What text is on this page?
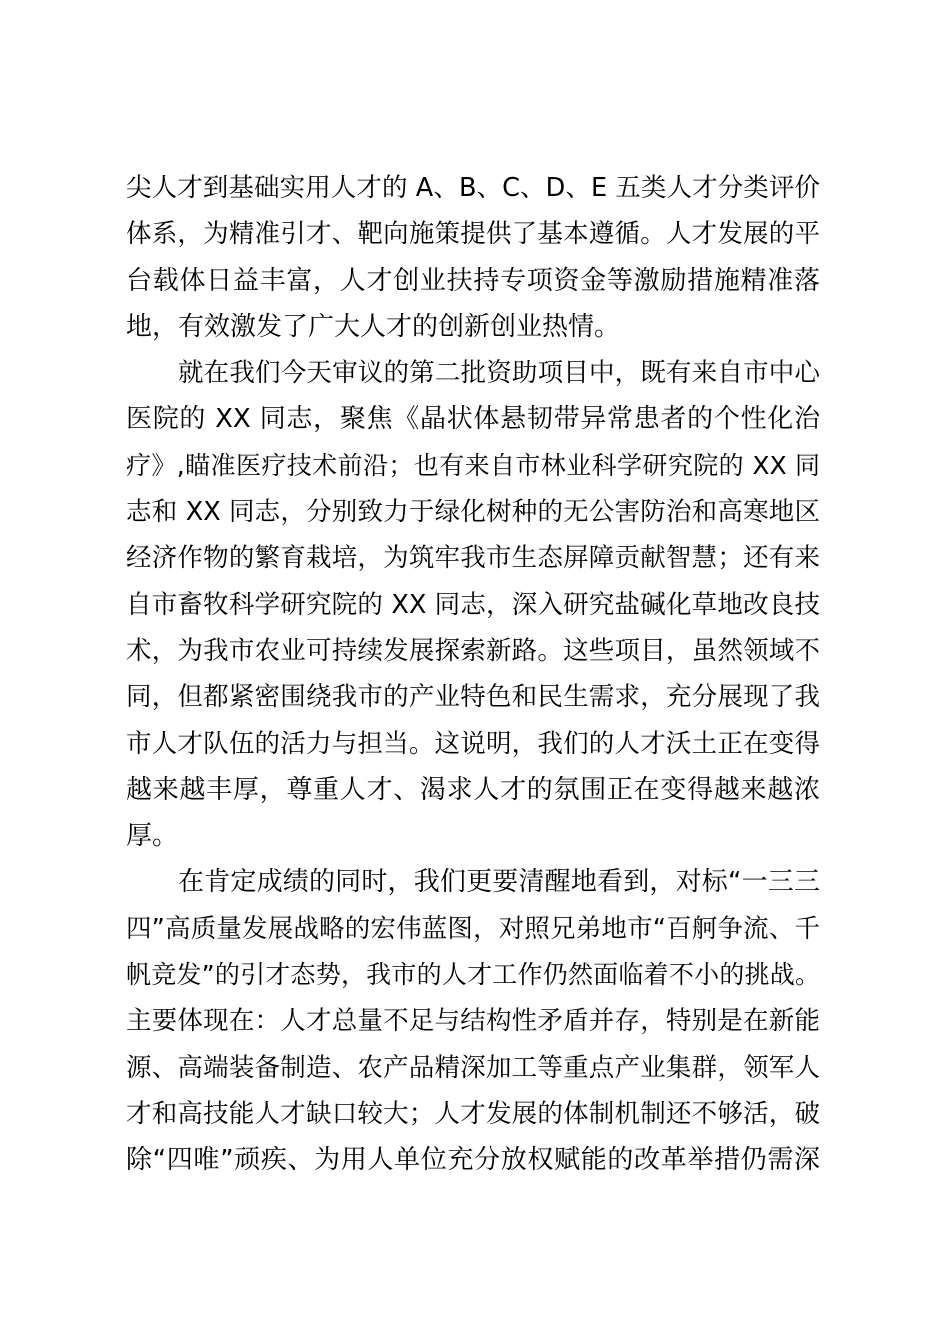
尖人才到基础实用人才的 A、B、C、D、E 五类人才分类评价
体系，为精准引才、靶向施策提供了基本遵循。人才发展的平
台载体日益丰富，人才创业扶持专项资金等激励措施精准落
地，有效激发了广大人才的创新创业热情。
就在我们今天审议的第二批资助项目中，既有来自市中心
医院的 XX 同志，聚焦《晶状体悬韧带异常患者的个性化治
疗》,瞄准医疗技术前沿；也有来自市林业科学研究院的 XX 同
志和 XX 同志，分别致力于绿化树种的无公害防治和高寒地区
经济作物的繁育栽培，为筑牢我市生态屏障贡献智慧；还有来
自市畜牧科学研究院的 XX 同志，深入研究盐碱化草地改良技
术，为我市农业可持续发展探索新路。这些项目，虽然领域不
同，但都紧密围绕我市的产业特色和民生需求，充分展现了我
市人才队伍的活力与担当。这说明，我们的人才沃土正在变得
越来越丰厚，尊重人才、渴求人才的氛围正在变得越来越浓
厚。
在肯定成绩的同时，我们更要清醒地看到，对标“一三三
四”高质量发展战略的宏伟蓝图，对照兄弟地市“百舸争流、千
帆竞发”的引才态势，我市的人才工作仍然面临着不小的挑战。
主要体现在：人才总量不足与结构性矛盾并存，特别是在新能
源、高端装备制造、农产品精深加工等重点产业集群，领军人
才和高技能人才缺口较大；人才发展的体制机制还不够活，破
除“四唯”顽疾、为用人单位充分放权赋能的改革举措仍需深
